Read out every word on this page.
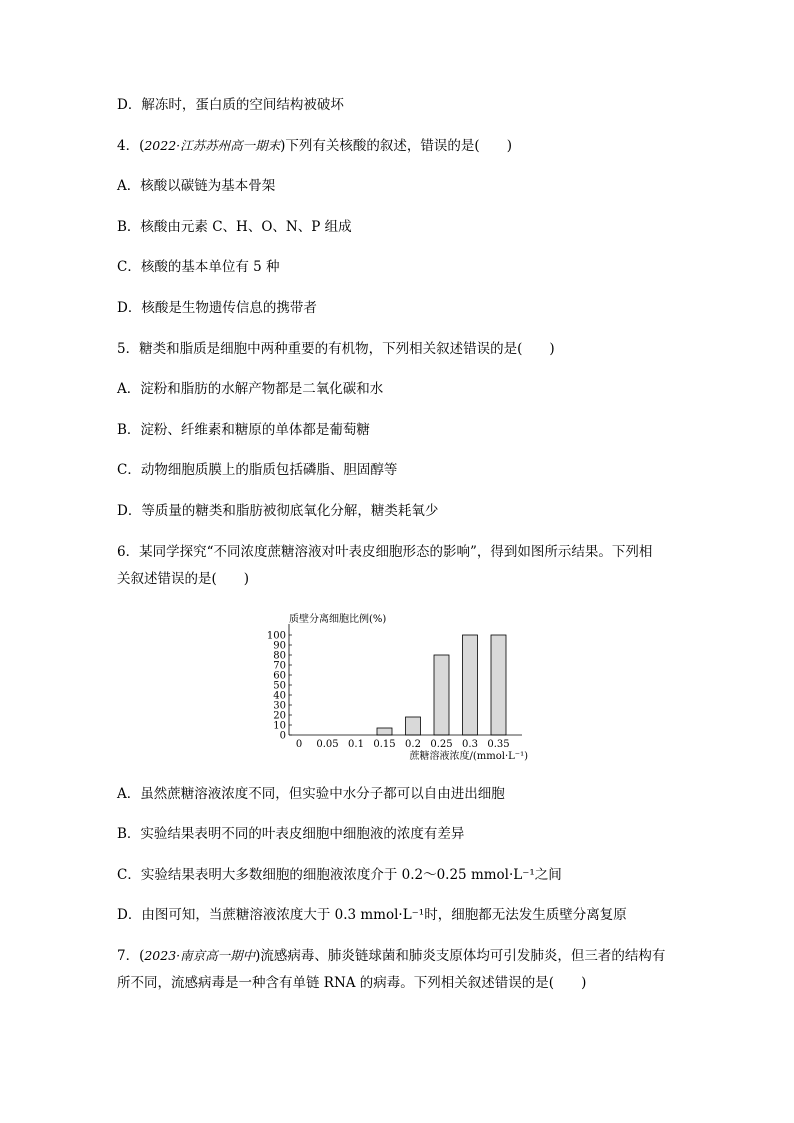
D．解冻时，蛋白质的空间结构被破坏
4．(2022·江苏苏州高一期末)下列有关核酸的叙述，错误的是(　　)
A．核酸以碳链为基本骨架
B．核酸由元素 C、H、O、N、P 组成
C．核酸的基本单位有 5 种
D．核酸是生物遗传信息的携带者
5．糖类和脂质是细胞中两种重要的有机物，下列相关叙述错误的是(　　)
A．淀粉和脂肪的水解产物都是二氧化碳和水
B．淀粉、纤维素和糖原的单体都是葡萄糖
C．动物细胞质膜上的脂质包括磷脂、胆固醇等
D．等质量的糖类和脂肪被彻底氧化分解，糖类耗氧少
6．某同学探究“不同浓度蔗糖溶液对叶表皮细胞形态的影响”，得到如图所示结果。下列相
关叙述错误的是(　　)
质壁分离细胞比例(%)
0
10
20
30
40
50
60
70
80
90
100
0 0.05 0.1 0.15 0.2 0.25 0.3 0.35
蔗糖溶液浓度/(mmol·L⁻¹)
A．虽然蔗糖溶液浓度不同，但实验中水分子都可以自由进出细胞
B．实验结果表明不同的叶表皮细胞中细胞液的浓度有差异
C．实验结果表明大多数细胞的细胞液浓度介于 0.2～0.25 mmol·L⁻¹之间
D．由图可知，当蔗糖溶液浓度大于 0.3 mmol·L⁻¹时，细胞都无法发生质壁分离复原
7．(2023·南京高一期中)流感病毒、肺炎链球菌和肺炎支原体均可引发肺炎，但三者的结构有
所不同，流感病毒是一种含有单链 RNA 的病毒。下列相关叙述错误的是(　　)
